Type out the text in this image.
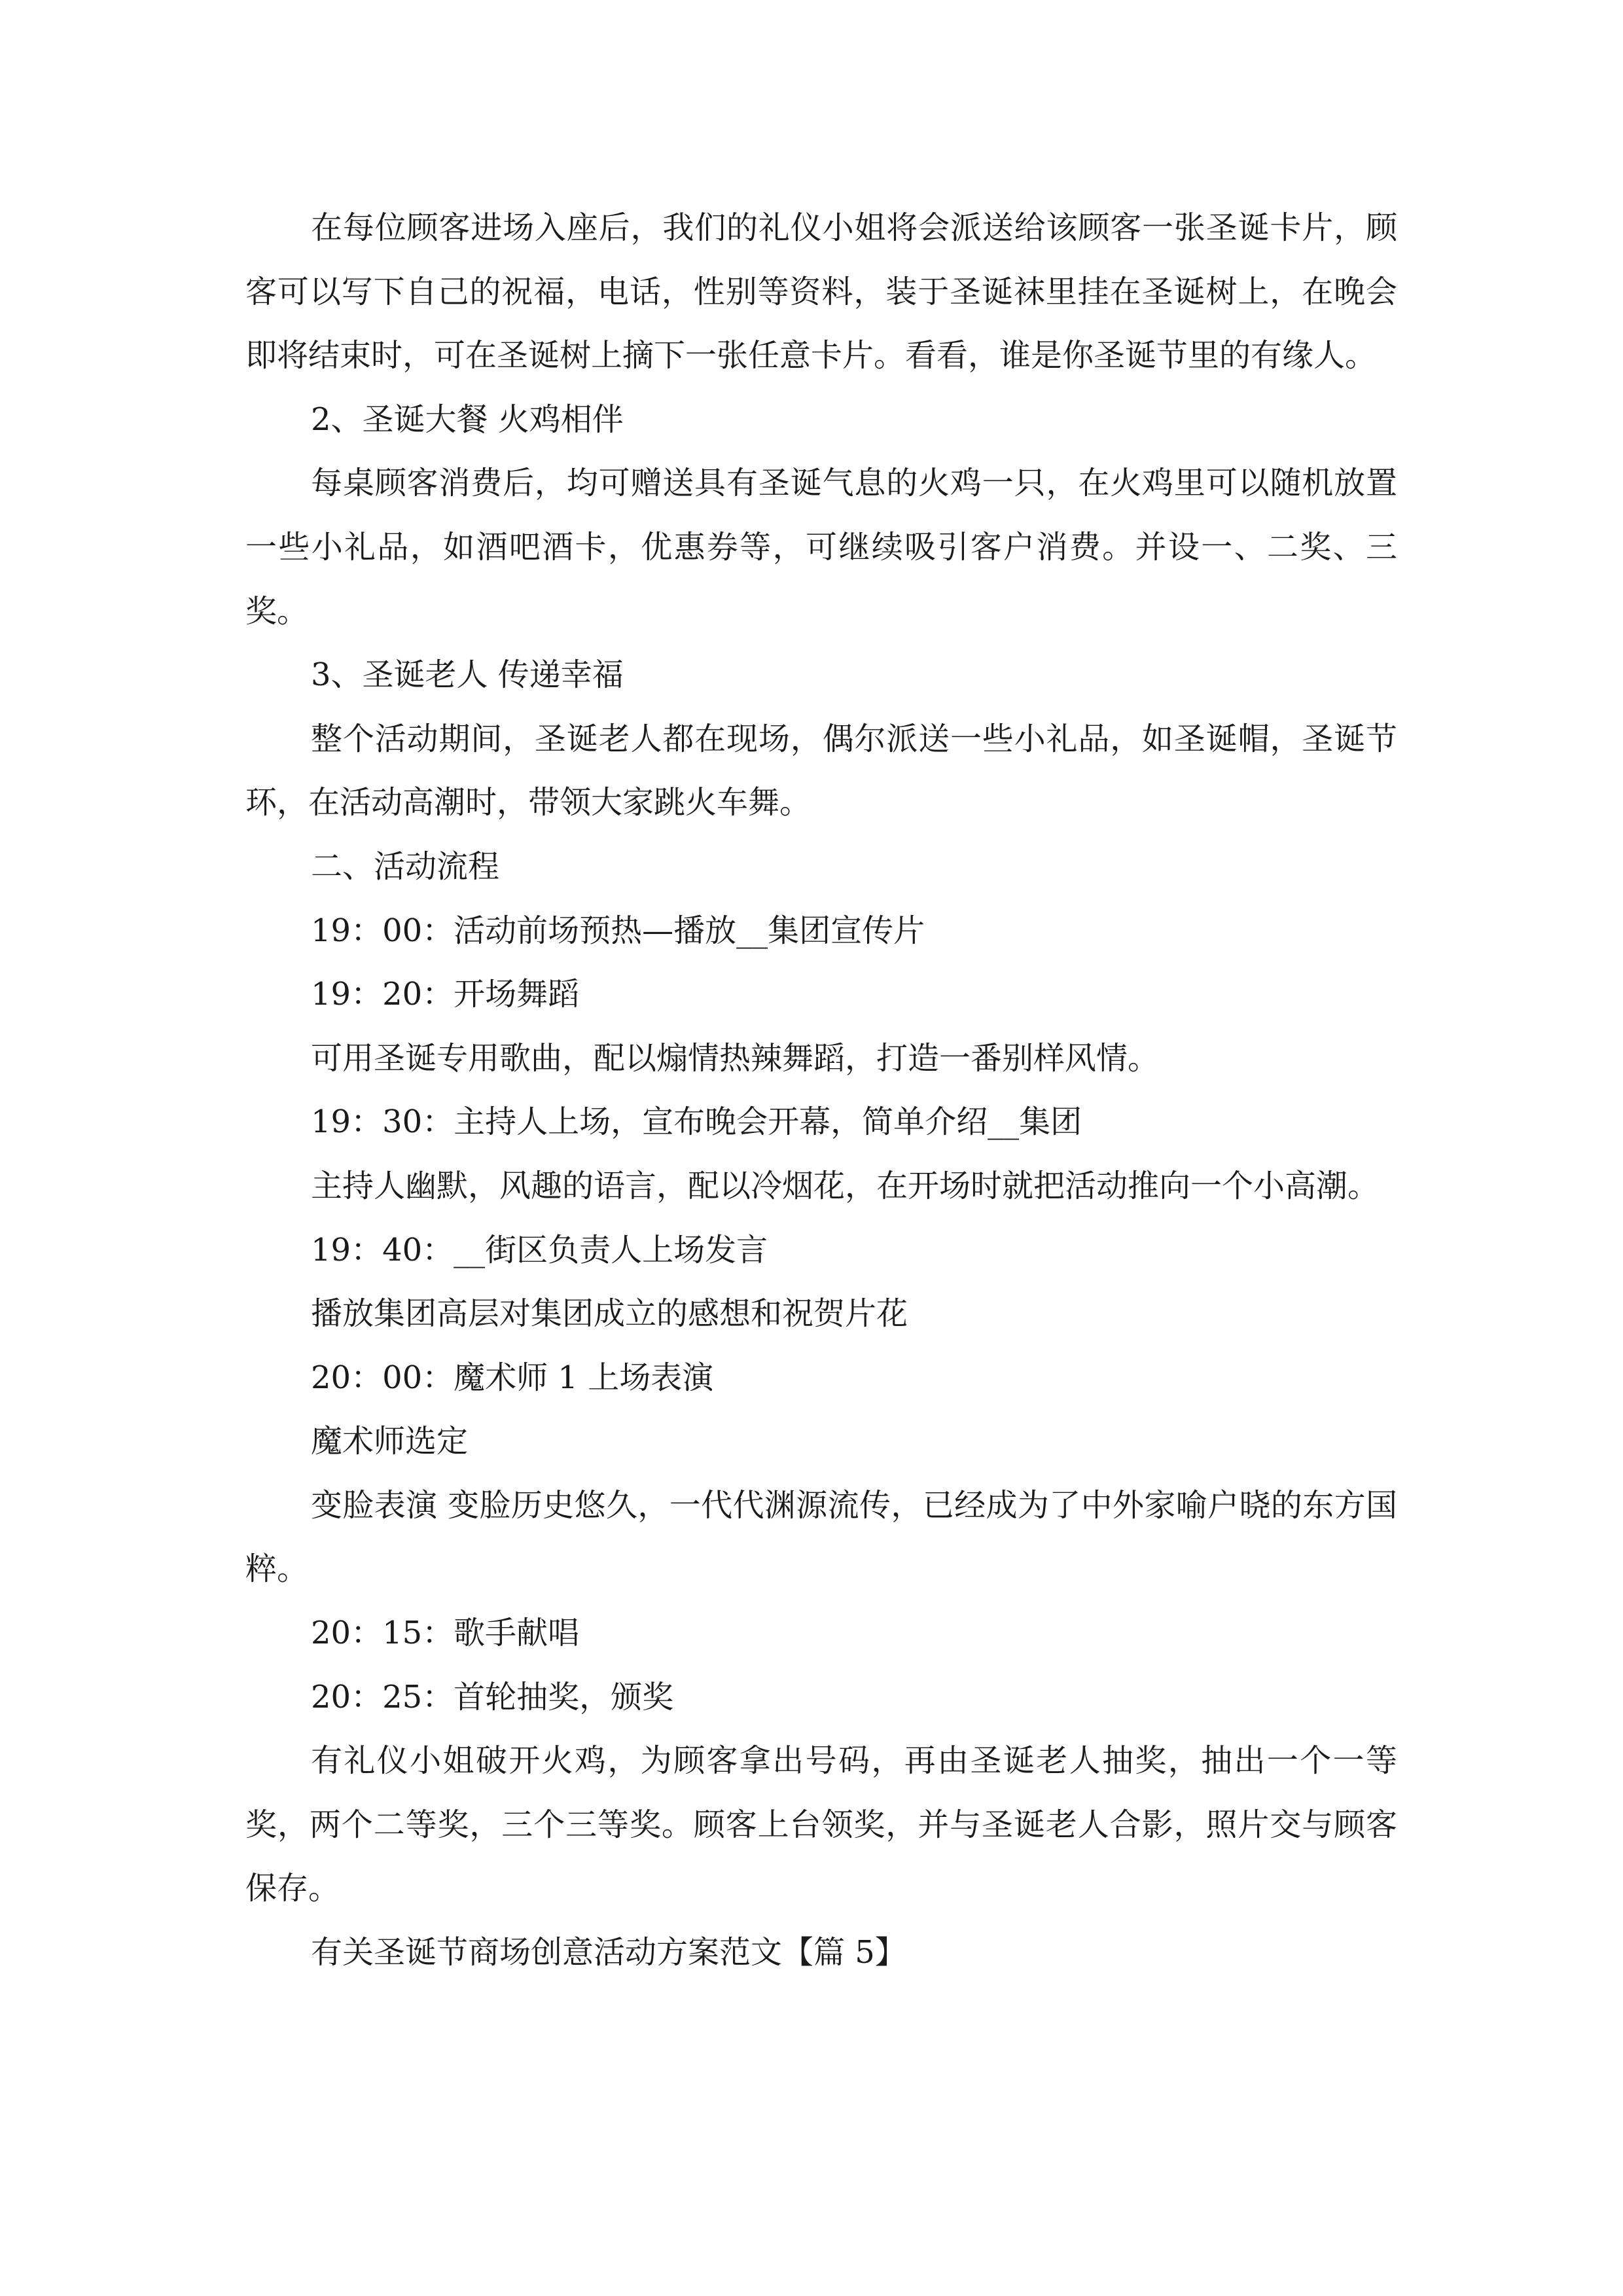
在每位顾客进场入座后，我们的礼仪小姐将会派送给该顾客一张圣诞卡片，顾客可以写下自己的祝福，电话，性别等资料，装于圣诞袜里挂在圣诞树上，在晚会即将结束时，可在圣诞树上摘下一张任意卡片。看看，谁是你圣诞节里的有缘人。

2、圣诞大餐 火鸡相伴

每桌顾客消费后，均可赠送具有圣诞气息的火鸡一只，在火鸡里可以随机放置一些小礼品，如酒吧酒卡，优惠券等，可继续吸引客户消费。并设一、二奖、三奖。

3、圣诞老人 传递幸福

整个活动期间，圣诞老人都在现场，偶尔派送一些小礼品，如圣诞帽，圣诞节环，在活动高潮时，带领大家跳火车舞。

二、活动流程

19：00：活动前场预热—播放__集团宣传片

19：20：开场舞蹈

可用圣诞专用歌曲，配以煽情热辣舞蹈，打造一番别样风情。

19：30：主持人上场，宣布晚会开幕，简单介绍__集团

主持人幽默，风趣的语言，配以冷烟花，在开场时就把活动推向一个小高潮。

19：40：__街区负责人上场发言

播放集团高层对集团成立的感想和祝贺片花

20：00：魔术师 1 上场表演

魔术师选定

变脸表演 变脸历史悠久，一代代渊源流传，已经成为了中外家喻户晓的东方国粹。

20：15：歌手献唱

20：25：首轮抽奖，颁奖

有礼仪小姐破开火鸡，为顾客拿出号码，再由圣诞老人抽奖，抽出一个一等奖，两个二等奖，三个三等奖。顾客上台领奖，并与圣诞老人合影，照片交与顾客保存。

有关圣诞节商场创意活动方案范文【篇 5】
